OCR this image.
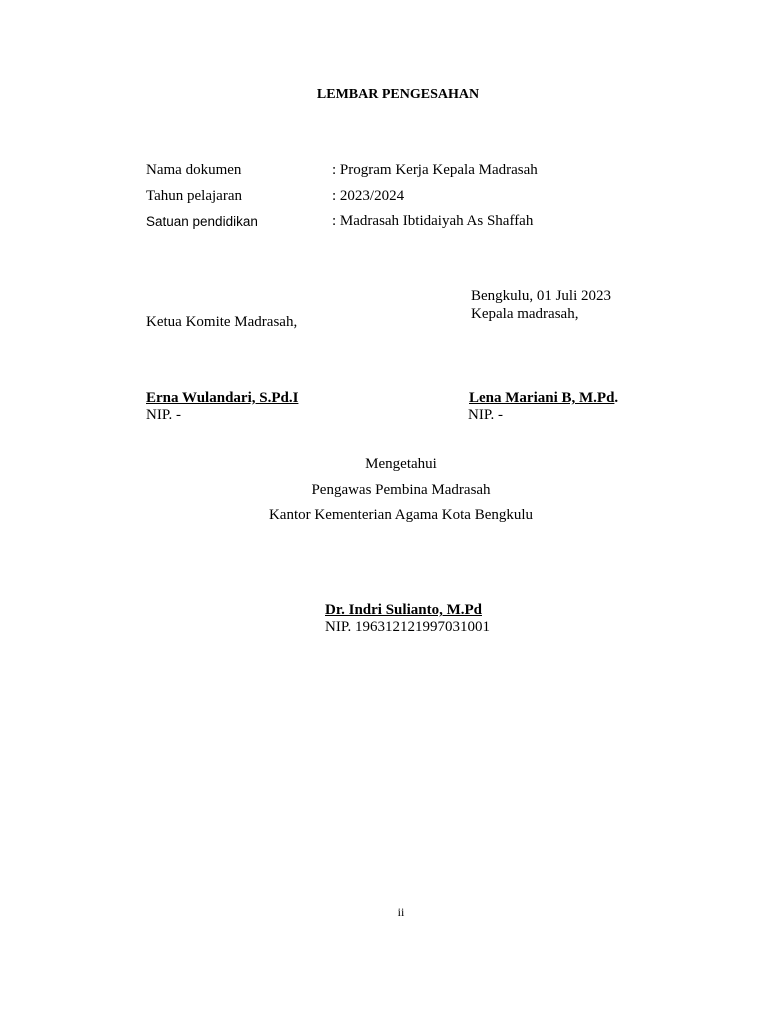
LEMBAR PENGESAHAN
Nama dokumen	: Program Kerja Kepala Madrasah
Tahun pelajaran	: 2023/2024
Satuan pendidikan	: Madrasah Ibtidaiyah As Shaffah
Bengkulu, 01 Juli 2023
Kepala madrasah,
Ketua Komite Madrasah,
Erna Wulandari, S.Pd.I
NIP. -
Lena Mariani B, M.Pd.
NIP. -
Mengetahui
Pengawas Pembina Madrasah
Kantor Kementerian Agama Kota Bengkulu
Dr. Indri Sulianto, M.Pd
NIP. 196312121997031001
ii
